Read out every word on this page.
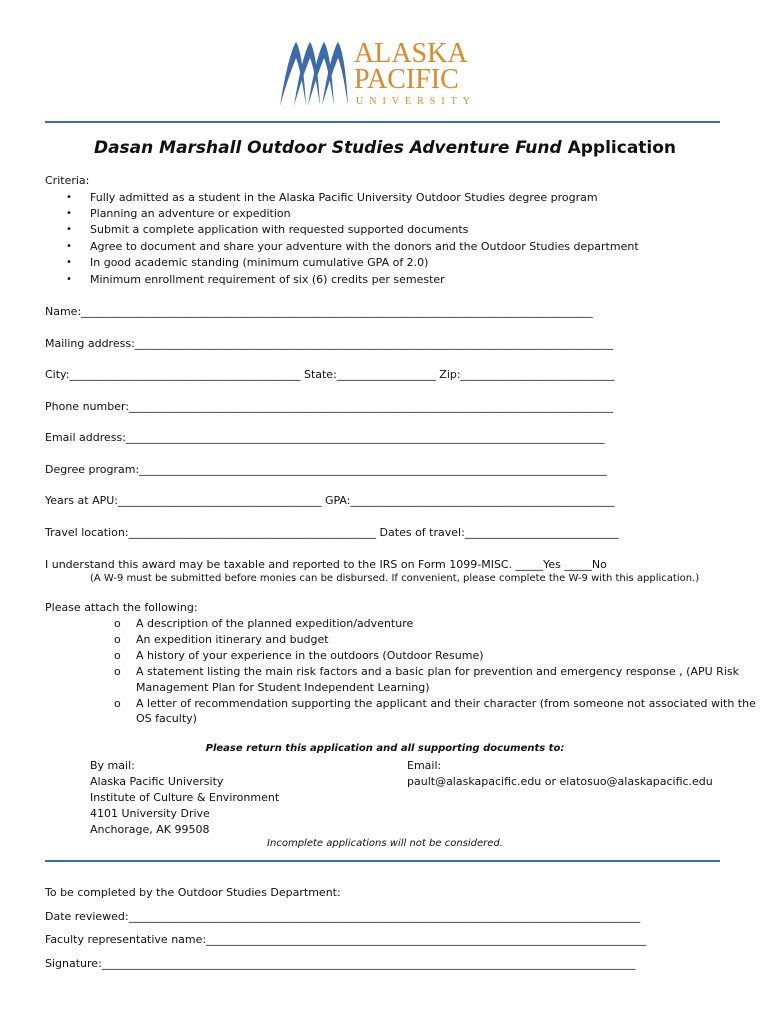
ALASKA
PACIFIC
UNIVERSITY
Dasan Marshall Outdoor Studies Adventure Fund Application
Criteria:
• Fully admitted as a student in the Alaska Pacific University Outdoor Studies degree program
• Planning an adventure or expedition
• Submit a complete application with requested supported documents
• Agree to document and share your adventure with the donors and the Outdoor Studies department
• In good academic standing (minimum cumulative GPA of 2.0)
• Minimum enrollment requirement of six (6) credits per semester
Name:_____________________________________________________________________________________________
Mailing address:_______________________________________________________________________________________
City:__________________________________________ State:__________________ Zip:____________________________
Phone number:________________________________________________________________________________________
Email address:_______________________________________________________________________________________
Degree program:_____________________________________________________________________________________
Years at APU:_____________________________________ GPA:________________________________________________
Travel location:_____________________________________________ Dates of travel:____________________________
I understand this award may be taxable and reported to the IRS on Form 1099-MISC. _____Yes _____No
(A W-9 must be submitted before monies can be disbursed. If convenient, please complete the W-9 with this application.)
Please attach the following:
o A description of the planned expedition/adventure
o An expedition itinerary and budget
o A history of your experience in the outdoors (Outdoor Resume)
o A statement listing the main risk factors and a basic plan for prevention and emergency response , (APU Risk
Management Plan for Student Independent Learning)
o A letter of recommendation supporting the applicant and their character (from someone not associated with the
OS faculty)
Please return this application and all supporting documents to:
By mail:
Alaska Pacific University
Institute of Culture & Environment
4101 University Drive
Anchorage, AK 99508
Email:
pault@alaskapacific.edu or elatosuo@alaskapacific.edu
Incomplete applications will not be considered.
To be completed by the Outdoor Studies Department:
Date reviewed:_____________________________________________________________________________________________
Faculty representative name:________________________________________________________________________________
Signature:_________________________________________________________________________________________________
